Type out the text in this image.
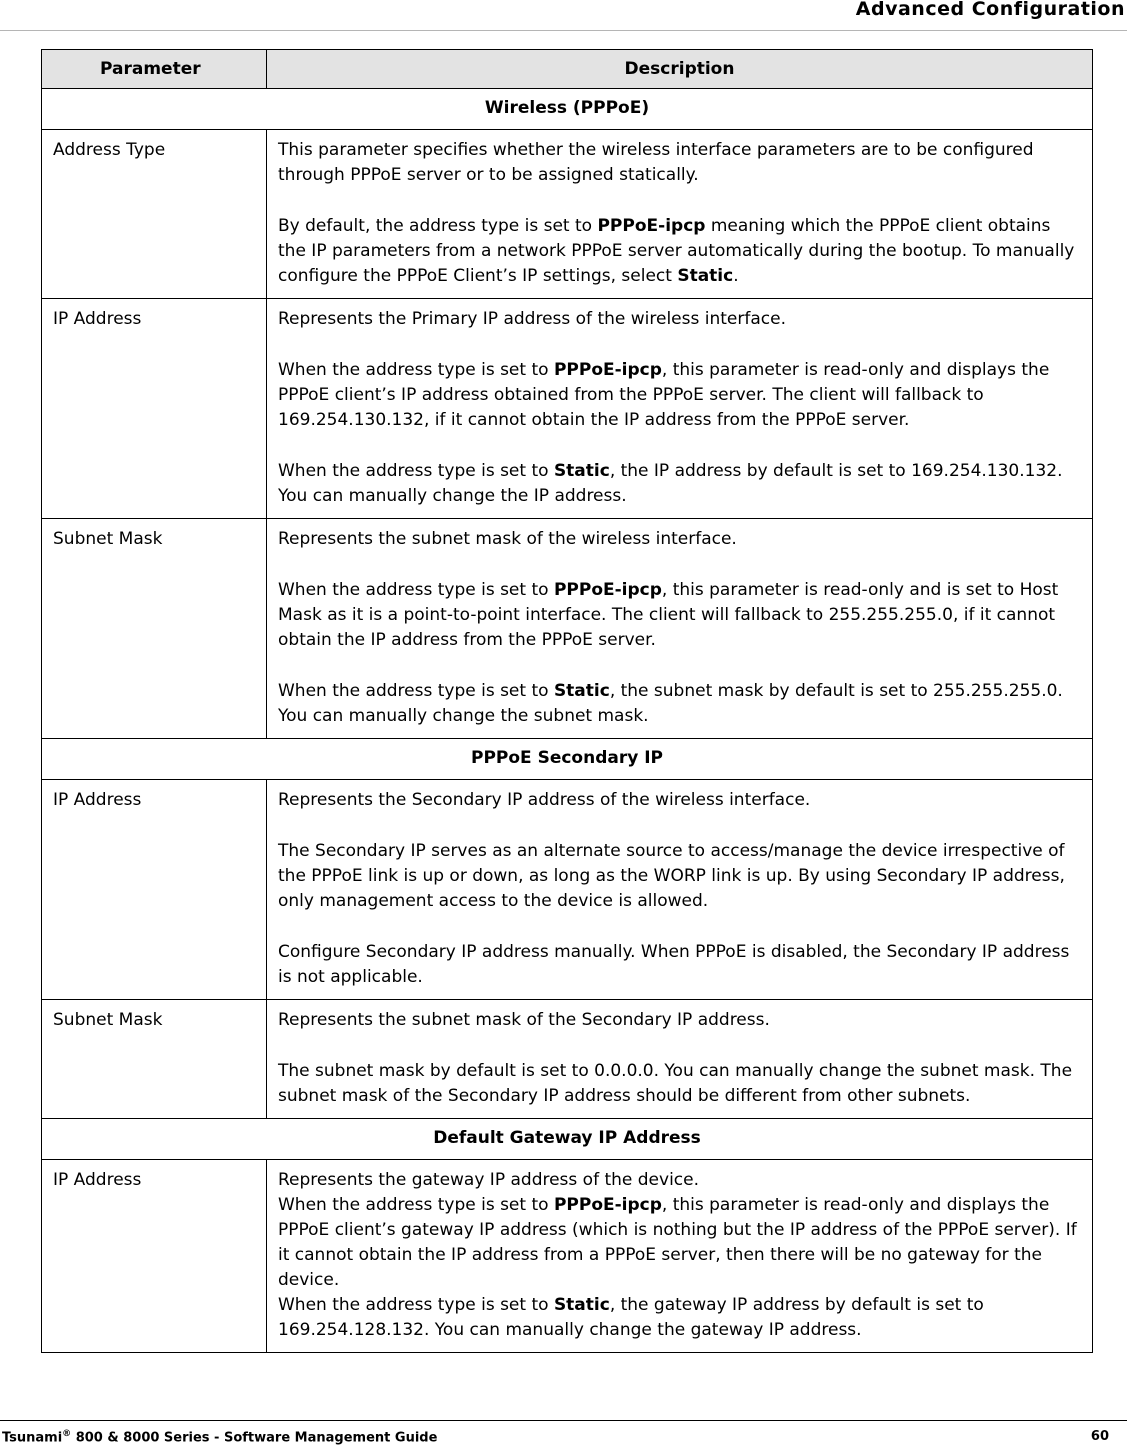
Advanced Configuration
Parameter	Description
Wireless (PPPoE)	
Address Type	This parameter specifies whether the wireless interface parameters are to be configured through PPPoE server or to be assigned statically.

By default, the address type is set to PPPoE-ipcp meaning which the PPPoE client obtains the IP parameters from a network PPPoE server automatically during the bootup. To manually configure the PPPoE Client’s IP settings, select Static.

IP Address	Represents the Primary IP address of the wireless interface.

When the address type is set to PPPoE-ipcp, this parameter is read-only and displays the PPPoE client’s IP address obtained from the PPPoE server. The client will fallback to 169.254.130.132, if it cannot obtain the IP address from the PPPoE server.

When the address type is set to Static, the IP address by default is set to 169.254.130.132. You can manually change the IP address.

Subnet Mask	Represents the subnet mask of the wireless interface.

When the address type is set to PPPoE-ipcp, this parameter is read-only and is set to Host Mask as it is a point-to-point interface. The client will fallback to 255.255.255.0, if it cannot obtain the IP address from the PPPoE server.

When the address type is set to Static, the subnet mask by default is set to 255.255.255.0. You can manually change the subnet mask.

PPPoE Secondary IP	
IP Address	Represents the Secondary IP address of the wireless interface.

The Secondary IP serves as an alternate source to access/manage the device irrespective of the PPPoE link is up or down, as long as the WORP link is up. By using Secondary IP address, only management access to the device is allowed.

Configure Secondary IP address manually. When PPPoE is disabled, the Secondary IP address is not applicable.

Subnet Mask	Represents the subnet mask of the Secondary IP address.

The subnet mask by default is set to 0.0.0.0. You can manually change the subnet mask. The subnet mask of the Secondary IP address should be different from other subnets.

Default Gateway IP Address	
IP Address	Represents the gateway IP address of the device.

When the address type is set to PPPoE-ipcp, this parameter is read-only and displays the PPPoE client’s gateway IP address (which is nothing but the IP address of the PPPoE server). If it cannot obtain the IP address from a PPPoE server, then there will be no gateway for the device.

When the address type is set to Static, the gateway IP address by default is set to 169.254.128.132. You can manually change the gateway IP address.

Tsunami® 800 & 8000 Series - Software Management Guide	60
